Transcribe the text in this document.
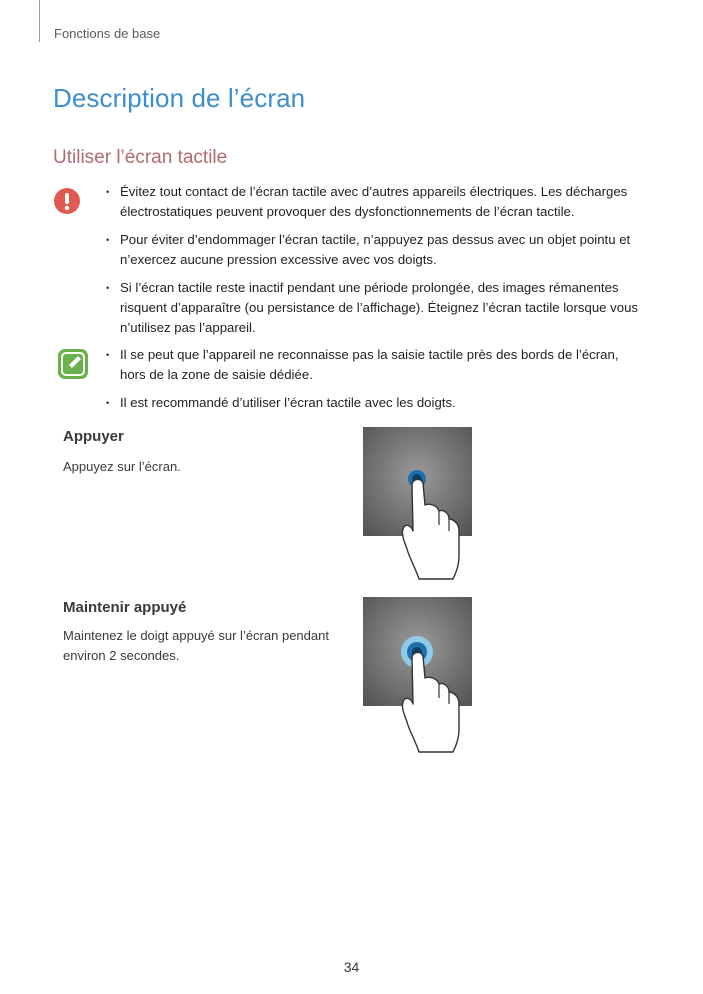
Fonctions de base
Description de l’écran
Utiliser l’écran tactile
• Évitez tout contact de l’écran tactile avec d’autres appareils électriques. Les décharges électrostatiques peuvent provoquer des dysfonctionnements de l’écran tactile.
• Pour éviter d’endommager l’écran tactile, n’appuyez pas dessus avec un objet pointu et n’exercez aucune pression excessive avec vos doigts.
• Si l’écran tactile reste inactif pendant une période prolongée, des images rémanentes risquent d’apparaître (ou persistance de l’affichage). Éteignez l’écran tactile lorsque vous n’utilisez pas l’appareil.
• Il se peut que l’appareil ne reconnaisse pas la saisie tactile près des bords de l’écran, hors de la zone de saisie dédiée.
• Il est recommandé d’utiliser l’écran tactile avec les doigts.
Appuyer

Appuyez sur l’écran.

Maintenir appuyé

Maintenez le doigt appuyé sur l’écran pendant environ 2 secondes.

34
